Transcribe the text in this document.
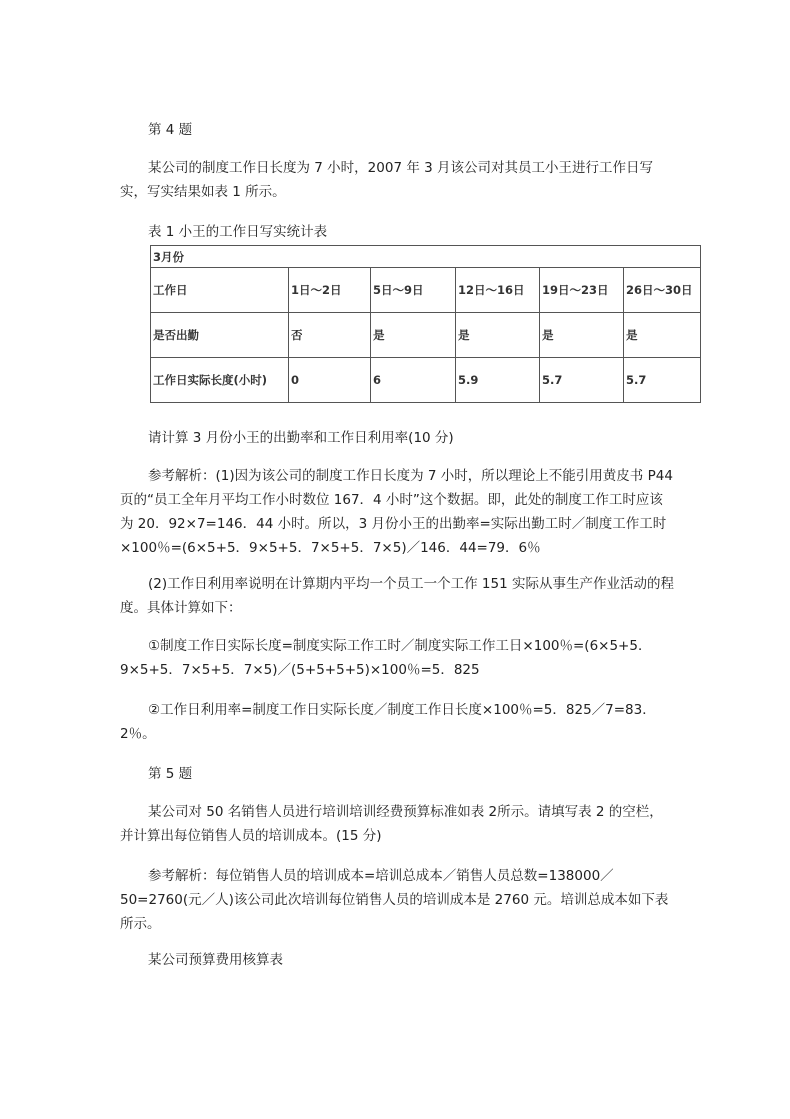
第 4 题

某公司的制度工作日长度为 7 小时，2007 年 3 月该公司对其员工小王进行工作日写实，写实结果如表 1 所示。

表 1 小王的工作日写实统计表

3月份					
工作日	1日～2日	5日～9日	12日～16日	19日～23日	26日～30日
是否出勤	否	是	是	是	是
工作日实际长度(小时)	0	6	5.9	5.7	5.7

请计算 3 月份小王的出勤率和工作日利用率(10 分)

参考解析：(1)因为该公司的制度工作日长度为 7 小时，所以理论上不能引用黄皮书 P44 页的“员工全年月平均工作小时数位 167．4 小时”这个数据。即，此处的制度工作工时应该为 20．92×7=146．44 小时。所以，3 月份小王的出勤率=实际出勤工时／制度工作工时×100％=(6×5+5．9×5+5．7×5+5．7×5)／146．44=79．6％

(2)工作日利用率说明在计算期内平均一个员工一个工作 151 实际从事生产作业活动的程度。具体计算如下：

①制度工作日实际长度=制度实际工作工时／制度实际工作工日×100％=(6×5+5．9×5+5．7×5+5．7×5)／(5+5+5+5)×100％=5．825

②工作日利用率=制度工作日实际长度／制度工作日长度×100％=5．825／7=83．2％。

第 5 题

某公司对 50 名销售人员进行培训培训经费预算标准如表 2所示。请填写表 2 的空栏，并计算出每位销售人员的培训成本。(15 分)

参考解析：每位销售人员的培训成本=培训总成本／销售人员总数=138000／50=2760(元／人)该公司此次培训每位销售人员的培训成本是 2760 元。培训总成本如下表所示。

某公司预算费用核算表
